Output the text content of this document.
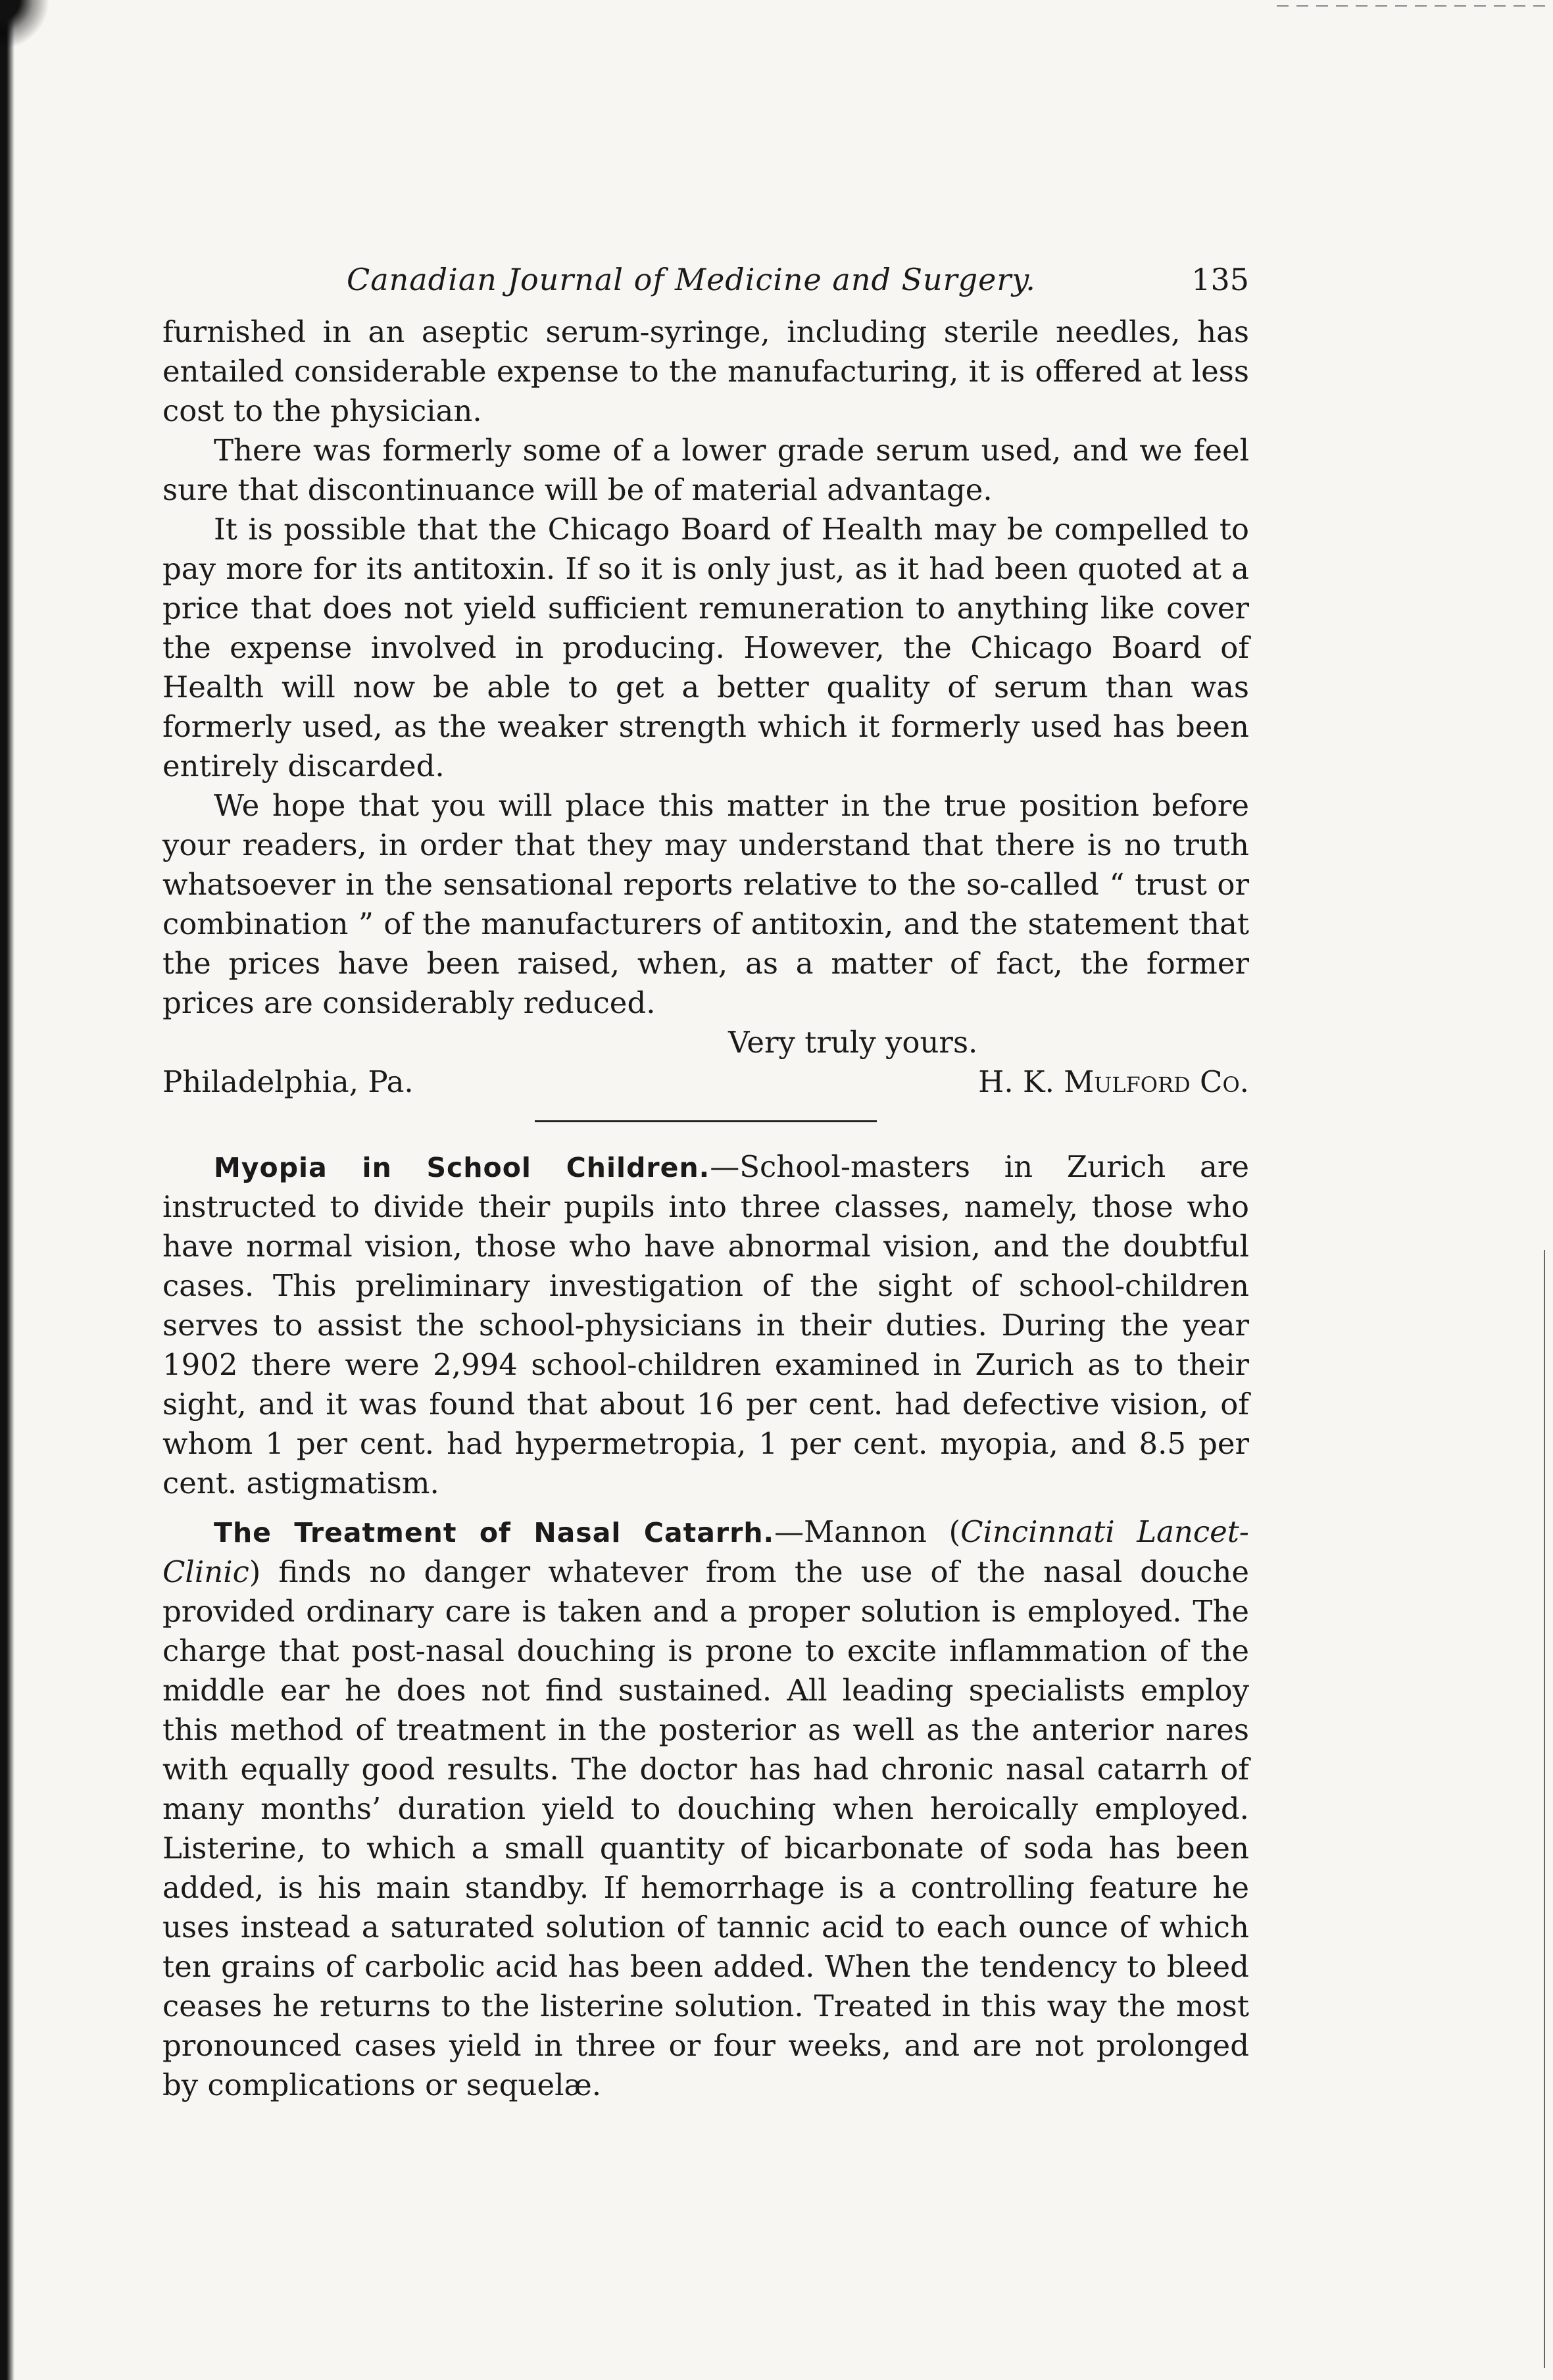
Canadian Journal of Medicine and Surgery.	135

furnished in an aseptic serum-syringe, including sterile needles, has entailed considerable expense to the manufacturing, it is offered at less cost to the physician.

There was formerly some of a lower grade serum used, and we feel sure that discontinuance will be of material advantage.

It is possible that the Chicago Board of Health may be compelled to pay more for its antitoxin. If so it is only just, as it had been quoted at a price that does not yield sufficient remuneration to anything like cover the expense involved in producing. However, the Chicago Board of Health will now be able to get a better quality of serum than was formerly used, as the weaker strength which it formerly used has been entirely discarded.

We hope that you will place this matter in the true position before your readers, in order that they may understand that there is no truth whatsoever in the sensational reports relative to the so-called “ trust or combination ” of the manufacturers of antitoxin, and the statement that the prices have been raised, when, as a matter of fact, the former prices are considerably reduced.

Very truly yours.
Philadelphia, Pa.	H. K. Mulford Co.

Myopia in School Children.—School-masters in Zurich are instructed to divide their pupils into three classes, namely, those who have normal vision, those who have abnormal vision, and the doubtful cases. This preliminary investigation of the sight of school-children serves to assist the school-physicians in their duties. During the year 1902 there were 2,994 school-children examined in Zurich as to their sight, and it was found that about 16 per cent. had defective vision, of whom 1 per cent. had hypermetropia, 1 per cent. myopia, and 8.5 per cent. astigmatism.

The Treatment of Nasal Catarrh.—Mannon (Cincinnati Lancet-Clinic) finds no danger whatever from the use of the nasal douche provided ordinary care is taken and a proper solution is employed. The charge that post-nasal douching is prone to excite inflammation of the middle ear he does not find sustained. All leading specialists employ this method of treatment in the posterior as well as the anterior nares with equally good results. The doctor has had chronic nasal catarrh of many months’ duration yield to douching when heroically employed. Listerine, to which a small quantity of bicarbonate of soda has been added, is his main standby. If hemorrhage is a controlling feature he uses instead a saturated solution of tannic acid to each ounce of which ten grains of carbolic acid has been added. When the tendency to bleed ceases he returns to the listerine solution. Treated in this way the most pronounced cases yield in three or four weeks, and are not prolonged by complications or sequelæ.
